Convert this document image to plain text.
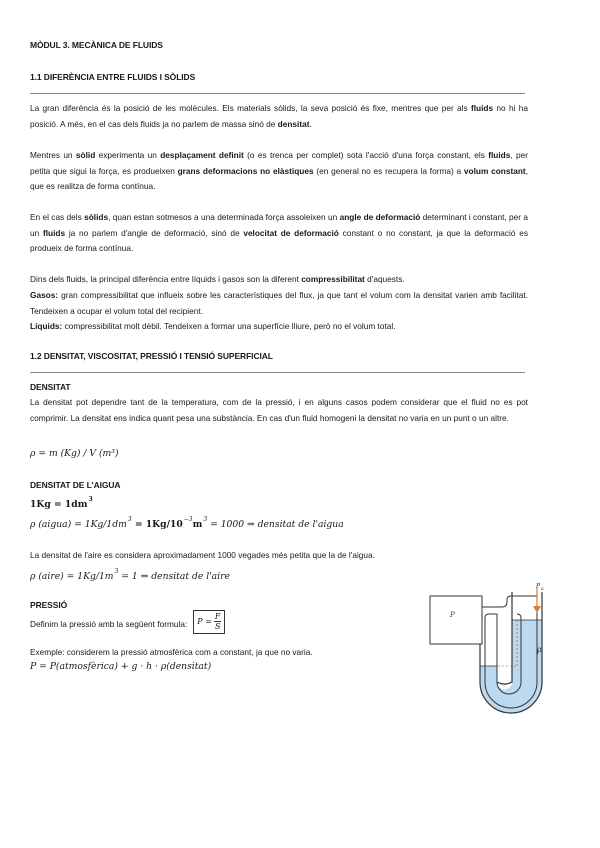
MÒDUL 3. MECÀNICA DE FLUIDS
1.1 DIFERÈNCIA ENTRE FLUIDS I SÒLIDS

La gran diferència és la posició de les molècules. Els materials sòlids, la seva posició és fixe, mentres que per als fluids no hi ha posició. A més, en el cas dels fluids ja no parlem de massa sinó de densitat.

Mentres un sòlid experimenta un desplaçament definit (o es trenca per complet) sota l'acció d'una força constant, els fluids, per petita que sigui la força, es produeixen grans deformacions no elàstiques (en general no es recupera la forma) a volum constant, que es realitza de forma contínua.

En el cas dels sòlids, quan estan sotmesos a una determinada força assoleixen un angle de deformació determinant i constant, per a un fluids ja no parlem d'angle de deformació, sinó de velocitat de deformació constant o no constant, ja que la deformació es produeix de forma contínua.

Dins dels fluids, la principal diferència entre líquids i gasos son la diferent compressibilitat d'aquests.

Gasos: gran compressibilitat que influeix sobre les característiques del flux, ja que tant el volum com la densitat varien amb facilitat. Tendeixen a ocupar el volum total del recipient.

Líquids: compressibilitat molt dèbil. Tendeixen a formar una superfície lliure, però no el volum total.

1.2 DENSITAT, VISCOSITAT, PRESSIÓ I TENSIÓ SUPERFICIAL
DENSITAT

La densitat pot dependre tant de la temperatura, com de la pressió, i en alguns casos podem considerar que el fluid no es pot comprimir. La densitat ens indica quant pesa una substància. En cas d'un fluid homogeni la densitat no varia en un punt o un altre.

ρ = m (Kg) / V (m³)
DENSITAT DE L'AIGUA
$1Kg = 1dm^3$
ρ (aigua) = $1Kg/1dm^3 = 1Kg/10^{-3}m^3 = 1000$ ⇒ densitat de l'aigua
La densitat de l'aire es considera aproximadament 1000 vegades més petita que la de l'aigua.
ρ (aire) = $1Kg/1m^3 = 1$ ⇒ densitat de l'aire
PRESSIÓ
Definim la pressió amb la següent formula: $P = \frac{F}{S}$
Exemple: considerem la pressió atmosfèrica com a constant, ja que no varia.
P = P(atmosfèrica) + g · h · ρ(densitat)
P
P a
ρ
